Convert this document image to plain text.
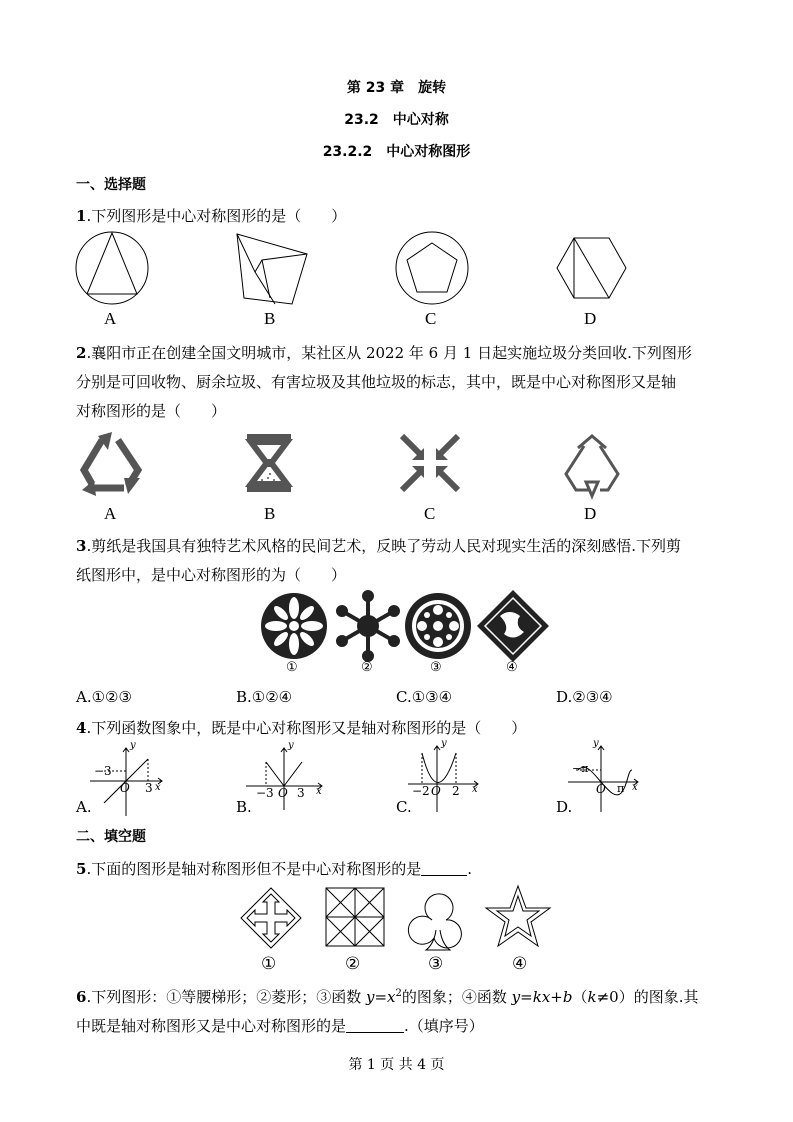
第 23 章　旋转
23.2　中心对称
23.2.2　中心对称图形
一、选择题
1.下列图形是中心对称图形的是（　　）
A	B	C	D
2.襄阳市正在创建全国文明城市，某社区从 2022 年 6 月 1 日起实施垃圾分类回收.下列图形
分别是可回收物、厨余垃圾、有害垃圾及其他垃圾的标志，其中，既是中心对称图形又是轴
对称图形的是（　　）
A	B	C	D
3.剪纸是我国具有独特艺术风格的民间艺术，反映了劳动人民对现实生活的深刻感悟.下列剪
纸图形中，是中心对称图形的为（　　）
①	②	③	④
A.①②③	B.①②④	C.①③④	D.②③④
4.下列函数图象中，既是中心对称图形又是轴对称图形的是（　　）
y
x
−3
O 3
A.
y
x
−3 O 3
B.
y
x
−2 O 2
C.
y
x
−π
O π
D.
二、填空题
5.下面的图形是轴对称图形但不是中心对称图形的是	.
①	②	③	④
6.下列图形：①等腰梯形；②菱形；③函数 $y=x^2$的图象；④函数 y=kx+b（k≠0）的图象.其
中既是轴对称图形又是中心对称图形的是	.（填序号）
第 1 页 共 4 页
